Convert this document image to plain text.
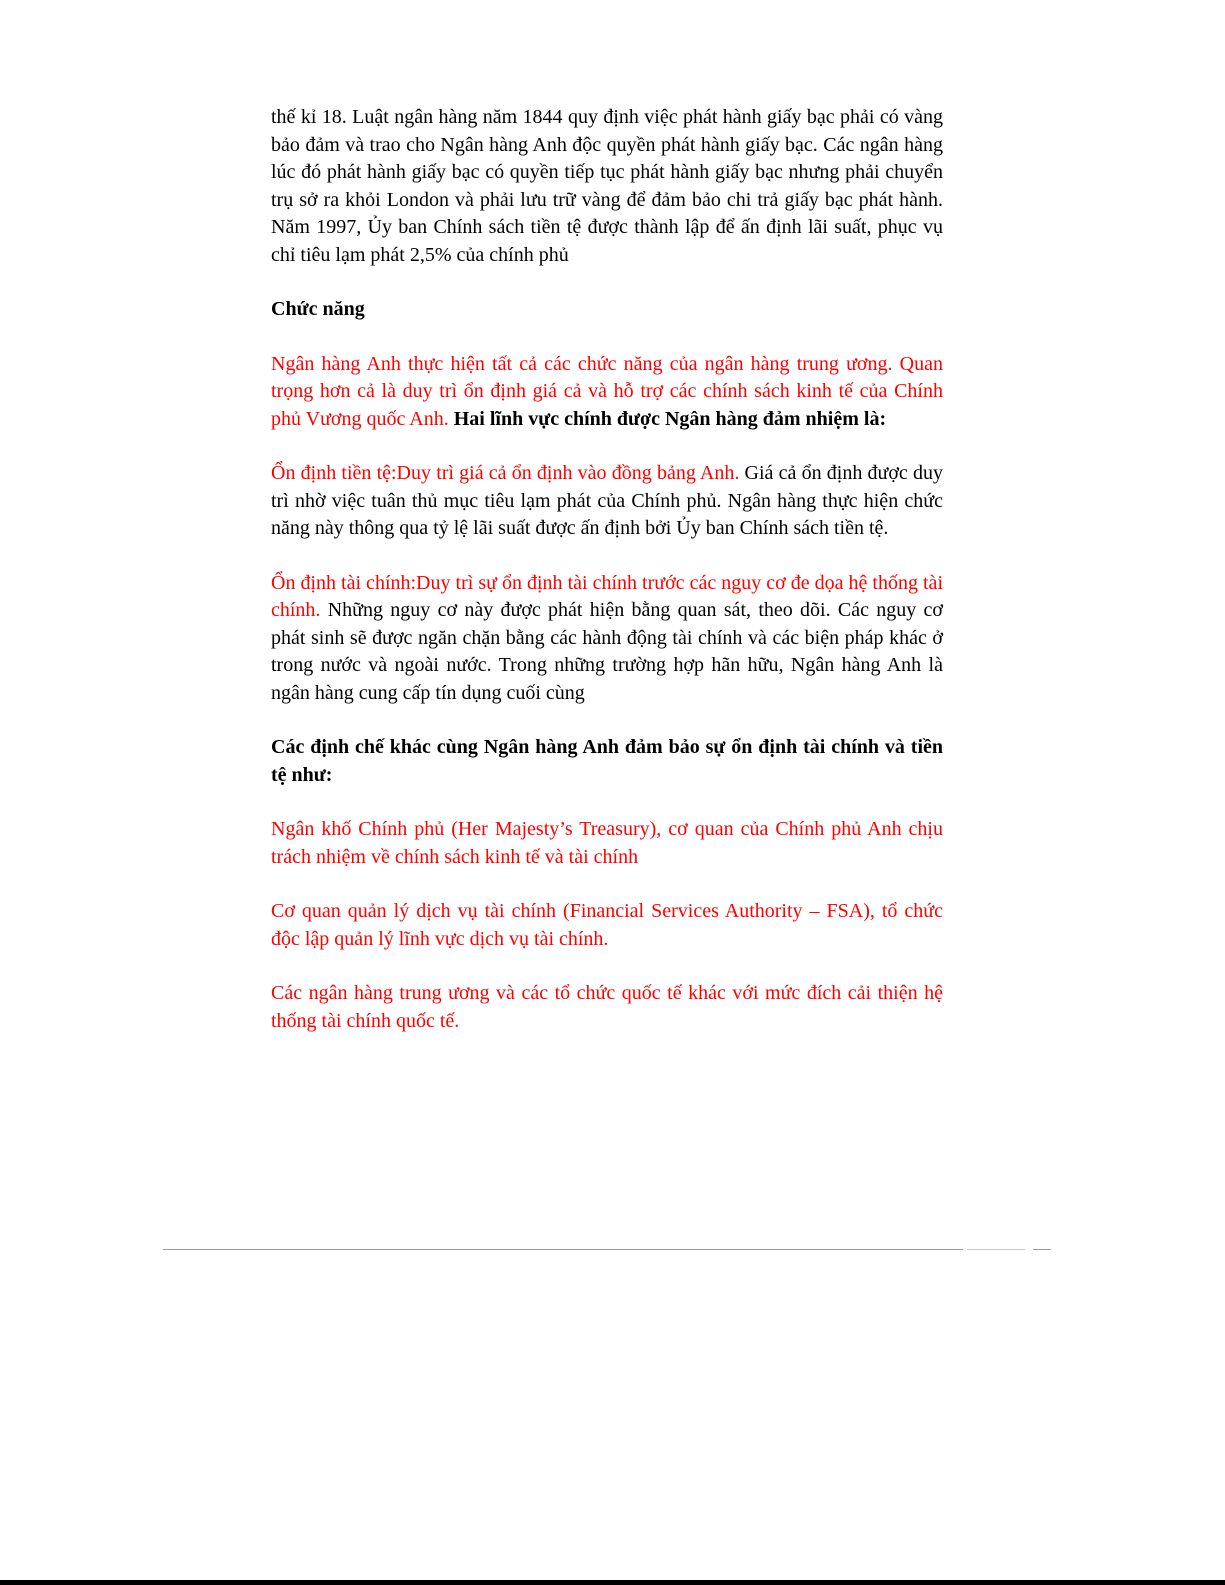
thế kỉ 18. Luật ngân hàng năm 1844 quy định việc phát hành giấy bạc phải có vàng bảo đảm và trao cho Ngân hàng Anh độc quyền phát hành giấy bạc. Các ngân hàng lúc đó phát hành giấy bạc có quyền tiếp tục phát hành giấy bạc nhưng phải chuyển trụ sở ra khỏi London và phải lưu trữ vàng để đảm bảo chi trả giấy bạc phát hành. Năm 1997, Ủy ban Chính sách tiền tệ được thành lập để ấn định lãi suất, phục vụ chỉ tiêu lạm phát 2,5% của chính phủ

Chức năng

Ngân hàng Anh thực hiện tất cả các chức năng của ngân hàng trung ương. Quan trọng hơn cả là duy trì ổn định giá cả và hỗ trợ các chính sách kinh tế của Chính phủ Vương quốc Anh. Hai lĩnh vực chính được Ngân hàng đảm nhiệm là:

Ổn định tiền tệ:Duy trì giá cả ổn định vào đồng bảng Anh. Giá cả ổn định được duy trì nhờ việc tuân thủ mục tiêu lạm phát của Chính phủ. Ngân hàng thực hiện chức năng này thông qua tỷ lệ lãi suất được ấn định bởi Ủy ban Chính sách tiền tệ.

Ổn định tài chính:Duy trì sự ổn định tài chính trước các nguy cơ đe dọa hệ thống tài chính. Những nguy cơ này được phát hiện bằng quan sát, theo dõi. Các nguy cơ phát sinh sẽ được ngăn chặn bằng các hành động tài chính và các biện pháp khác ở trong nước và ngoài nước. Trong những trường hợp hãn hữu, Ngân hàng Anh là ngân hàng cung cấp tín dụng cuối cùng

Các định chế khác cùng Ngân hàng Anh đảm bảo sự ổn định tài chính và tiền tệ như:

Ngân khố Chính phủ (Her Majesty’s Treasury), cơ quan của Chính phủ Anh chịu trách nhiệm về chính sách kinh tế và tài chính

Cơ quan quản lý dịch vụ tài chính (Financial Services Authority – FSA), tổ chức độc lập quản lý lĩnh vực dịch vụ tài chính.

Các ngân hàng trung ương và các tổ chức quốc tế khác với mức đích cải thiện hệ thống tài chính quốc tế.
